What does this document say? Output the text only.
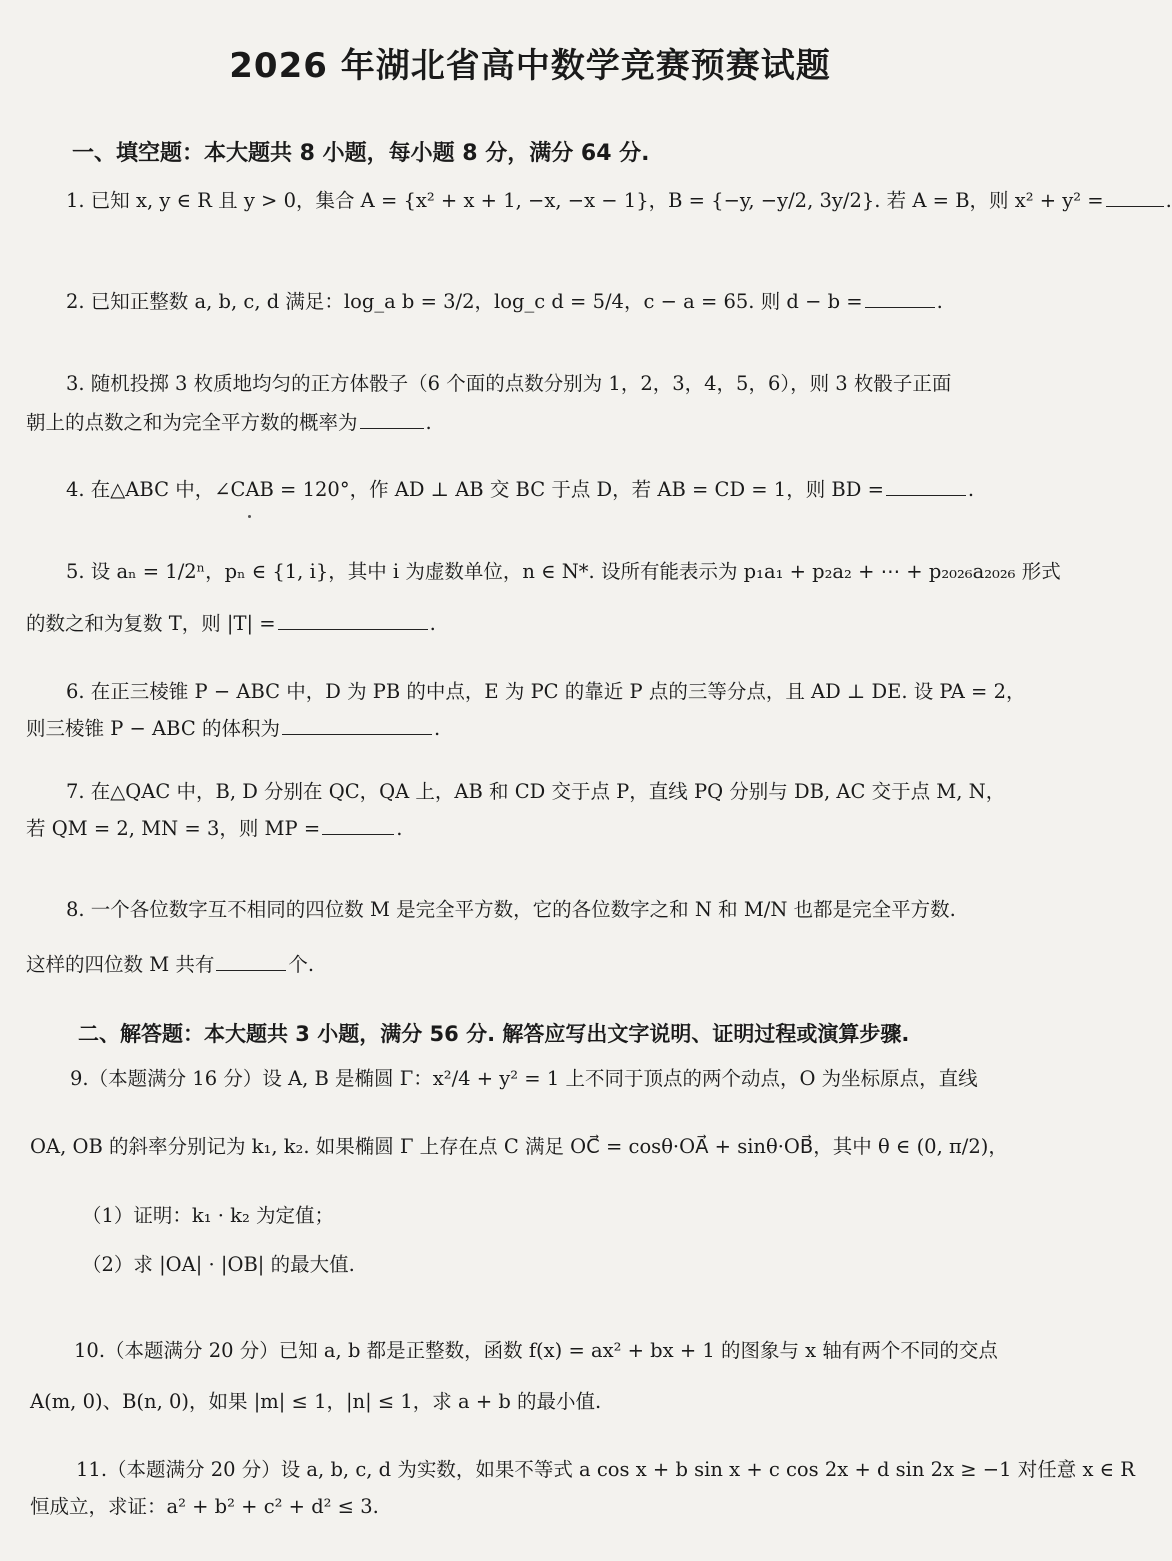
2026 年湖北省高中数学竞赛预赛试题
一、填空题：本大题共 8 小题，每小题 8 分，满分 64 分.
1. 已知 x, y ∈ R 且 y > 0，集合 A = {x² + x + 1, −x, −x − 1}，B = {−y, −y/2, 3y/2}. 若 A = B，则 x² + y² =	.
2. 已知正整数 a, b, c, d 满足：log_a b = 3/2，log_c d = 5/4，c − a = 65. 则 d − b =	.
3. 随机投掷 3 枚质地均匀的正方体骰子（6 个面的点数分别为 1，2，3，4，5，6），则 3 枚骰子正面
朝上的点数之和为完全平方数的概率为	.
4. 在△ABC 中，∠CAB = 120°，作 AD ⊥ AB 交 BC 于点 D，若 AB = CD = 1，则 BD =	.
5. 设 aₙ = 1/2ⁿ，pₙ ∈ {1, i}，其中 i 为虚数单位，n ∈ N*. 设所有能表示为 p₁a₁ + p₂a₂ + ⋯ + p₂₀₂₆a₂₀₂₆ 形式
的数之和为复数 T，则 |T| =	.
6. 在正三棱锥 P − ABC 中，D 为 PB 的中点，E 为 PC 的靠近 P 点的三等分点，且 AD ⊥ DE. 设 PA = 2，
则三棱锥 P − ABC 的体积为	.
7. 在△QAC 中，B, D 分别在 QC，QA 上，AB 和 CD 交于点 P，直线 PQ 分别与 DB, AC 交于点 M, N，
若 QM = 2, MN = 3，则 MP =	.
8. 一个各位数字互不相同的四位数 M 是完全平方数，它的各位数字之和 N 和 M/N 也都是完全平方数.
这样的四位数 M 共有	个.
二、解答题：本大题共 3 小题，满分 56 分. 解答应写出文字说明、证明过程或演算步骤.
9.（本题满分 16 分）设 A, B 是椭圆 Γ：x²/4 + y² = 1 上不同于顶点的两个动点，O 为坐标原点，直线
OA, OB 的斜率分别记为 k₁, k₂. 如果椭圆 Γ 上存在点 C 满足 OC⃗ = cosθ·OA⃗ + sinθ·OB⃗，其中 θ ∈ (0, π/2)，
（1）证明：k₁ · k₂ 为定值；
（2）求 |OA| · |OB| 的最大值.
10.（本题满分 20 分）已知 a, b 都是正整数，函数 f(x) = ax² + bx + 1 的图象与 x 轴有两个不同的交点
A(m, 0)、B(n, 0)，如果 |m| ≤ 1，|n| ≤ 1，求 a + b 的最小值.
11.（本题满分 20 分）设 a, b, c, d 为实数，如果不等式 a cos x + b sin x + c cos 2x + d sin 2x ≥ −1 对任意 x ∈ R
恒成立，求证：a² + b² + c² + d² ≤ 3.
